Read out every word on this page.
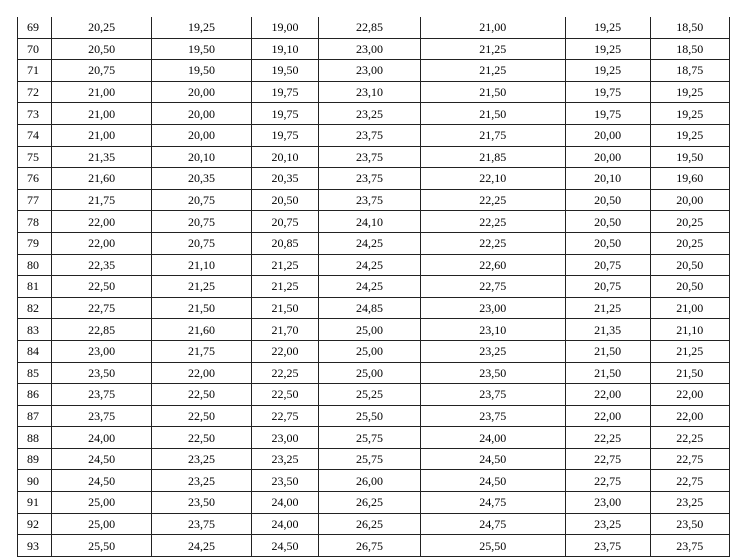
69	20,25	19,25	19,00	22,85	21,00	19,25	18,50
70	20,50	19,50	19,10	23,00	21,25	19,25	18,50
71	20,75	19,50	19,50	23,00	21,25	19,25	18,75
72	21,00	20,00	19,75	23,10	21,50	19,75	19,25
73	21,00	20,00	19,75	23,25	21,50	19,75	19,25
74	21,00	20,00	19,75	23,75	21,75	20,00	19,25
75	21,35	20,10	20,10	23,75	21,85	20,00	19,50
76	21,60	20,35	20,35	23,75	22,10	20,10	19,60
77	21,75	20,75	20,50	23,75	22,25	20,50	20,00
78	22,00	20,75	20,75	24,10	22,25	20,50	20,25
79	22,00	20,75	20,85	24,25	22,25	20,50	20,25
80	22,35	21,10	21,25	24,25	22,60	20,75	20,50
81	22,50	21,25	21,25	24,25	22,75	20,75	20,50
82	22,75	21,50	21,50	24,85	23,00	21,25	21,00
83	22,85	21,60	21,70	25,00	23,10	21,35	21,10
84	23,00	21,75	22,00	25,00	23,25	21,50	21,25
85	23,50	22,00	22,25	25,00	23,50	21,50	21,50
86	23,75	22,50	22,50	25,25	23,75	22,00	22,00
87	23,75	22,50	22,75	25,50	23,75	22,00	22,00
88	24,00	22,50	23,00	25,75	24,00	22,25	22,25
89	24,50	23,25	23,25	25,75	24,50	22,75	22,75
90	24,50	23,25	23,50	26,00	24,50	22,75	22,75
91	25,00	23,50	24,00	26,25	24,75	23,00	23,25
92	25,00	23,75	24,00	26,25	24,75	23,25	23,50
93	25,50	24,25	24,50	26,75	25,50	23,75	23,75
